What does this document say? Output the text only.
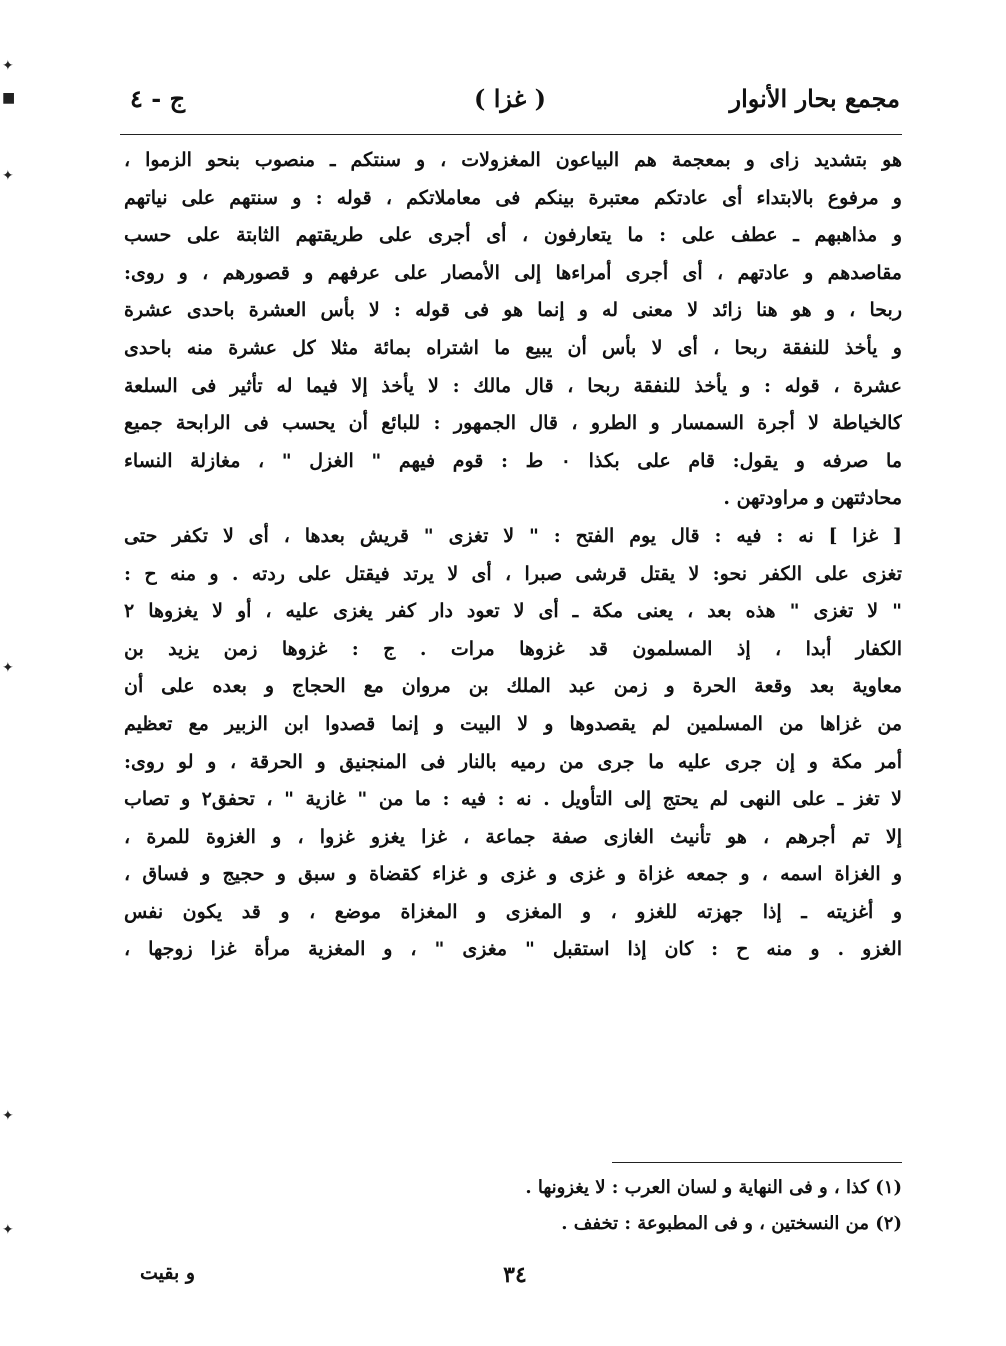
مجمع بحار الأنوار
( غزا )
ج - ٤
هو بتشديد زاى و بمعجمة هم البياعون المغزولات ، و سنتكم ـ منصوب بنحو الزموا ،
و مرفوع بالابتداء أى عادتكم معتبرة بينكم فى معاملاتكم ، قوله : و سنتهم على نياتهم
و مذاهبهم ـ عطف على : ما يتعارفون ، أى أجرى على طريقتهم الثابتة على حسب
مقاصدهم و عادتهم ، أى أجرى أمراءها إلى الأمصار على عرفهم و قصورهم ، و روى:
ربحا ، و هو هنا زائد لا معنى له و إنما هو فى قوله : لا بأس العشرة باحدى عشرة
و يأخذ للنفقة ربحا ، أى لا بأس أن يبيع ما اشتراه بمائة مثلا كل عشرة منه باحدى
عشرة ، قوله : و يأخذ للنفقة ربحا ، قال مالك : لا يأخذ إلا فيما له تأثير فى السلعة
كالخياطة لا أجرة السمسار و الطرو ، قال الجمهور : للبائع أن يحسب فى الرابحة جميع
ما صرفه و يقول: قام على بكذا ٠ ط : قوم فيهم " الغزل " ، مغازلة النساء
محادثتهن و مراودتهن .
[ غزا ] نه : فيه : قال يوم الفتح : " لا تغزى " قريش بعدها ، أى لا تكفر حتى
تغزى على الكفر نحو: لا يقتل قرشى صبرا ، أى لا يرتد فيقتل على ردته . و منه ح :
" لا تغزى " هذه بعد ، يعنى مكة ـ أى لا تعود دار كفر يغزى عليه ، أو لا يغزوها ٢
الكفار أبدا ، إذ المسلمون قد غزوها مرات . ج : غزوها زمن يزيد بن
معاوية بعد وقعة الحرة و زمن عبد الملك بن مروان مع الحجاج و بعده على أن
من غزاها من المسلمين لم يقصدوها و لا البيت و إنما قصدوا ابن الزبير مع تعظيم
أمر مكة و إن جرى عليه ما جرى من رميه بالنار فى المنجنيق و الحرقة ، و لو روى:
لا تغز ـ على النهى لم يحتج إلى التأويل . نه : فيه : ما من " غازية " ، تحفق٢ و تصاب
إلا تم أجرهم ، هو تأنيث الغازى صفة جماعة ، غزا يغزو غزوا ، و الغزوة للمرة ،
و الغزاة اسمه ، و جمعه غزاة و غزى و غزى و غزاء كقضاة و سبق و حجيج و فساق ،
و أغزيته ـ إذا جهزته للغزو ، و المغزى و المغزاة موضع ، و قد يكون نفس
الغزو . و منه ح : كان إذا استقبل " مغزى " ، و المغزية مرأة غزا زوجها ،
(١) كذا ، و فى النهاية و لسان العرب : لا يغزونها .
(٢) من النسختين ، و فى المطبوعة : تخفف .
٣٤
و بقيت
✦
■
✦
✦
✦
✦
